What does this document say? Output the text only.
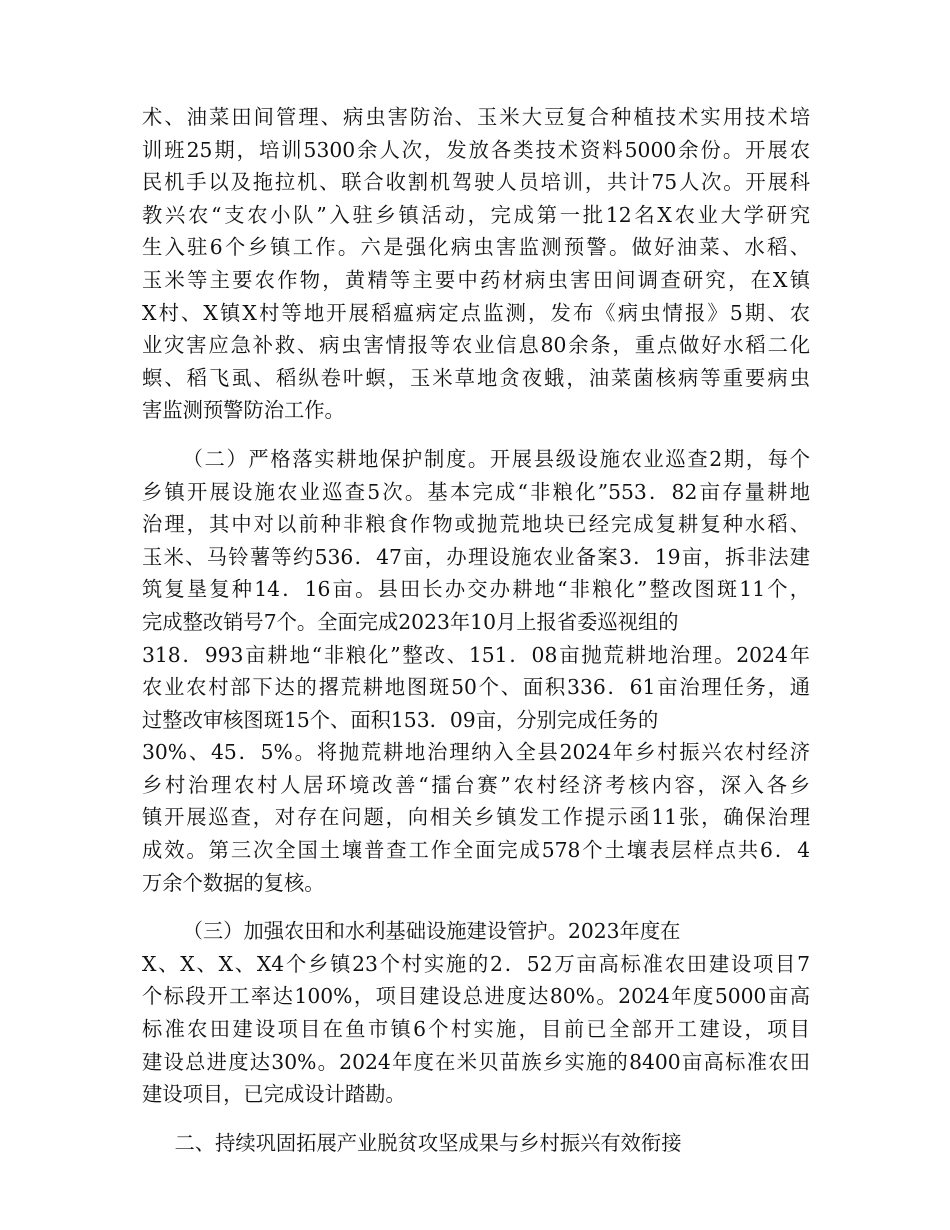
术、油菜田间管理、病虫害防治、玉米大豆复合种植技术实用技术培
训班25期，培训5300余人次，发放各类技术资料5000余份。开展农
民机手以及拖拉机、联合收割机驾驶人员培训，共计75人次。开展科
教兴农“支农小队”入驻乡镇活动，完成第一批12名X农业大学研究
生入驻6个乡镇工作。六是强化病虫害监测预警。做好油菜、水稻、
玉米等主要农作物，黄精等主要中药材病虫害田间调查研究，在X镇
X村、X镇X村等地开展稻瘟病定点监测，发布《病虫情报》5期、农
业灾害应急补救、病虫害情报等农业信息80余条，重点做好水稻二化
螟、稻飞虱、稻纵卷叶螟，玉米草地贪夜蛾，油菜菌核病等重要病虫
害监测预警防治工作。
（二）严格落实耕地保护制度。开展县级设施农业巡查2期，每个
乡镇开展设施农业巡查5次。基本完成“非粮化”553．82亩存量耕地
治理，其中对以前种非粮食作物或抛荒地块已经完成复耕复种水稻、
玉米、马铃薯等约536．47亩，办理设施农业备案3．19亩，拆非法建
筑复垦复种14．16亩。县田长办交办耕地“非粮化”整改图斑11个，
完成整改销号7个。全面完成2023年10月上报省委巡视组的
318．993亩耕地“非粮化”整改、151．08亩抛荒耕地治理。2024年
农业农村部下达的撂荒耕地图斑50个、面积336．61亩治理任务，通
过整改审核图斑15个、面积153．09亩，分别完成任务的
30%、45．5%。将抛荒耕地治理纳入全县2024年乡村振兴农村经济
乡村治理农村人居环境改善“擂台赛”农村经济考核内容，深入各乡
镇开展巡查，对存在问题，向相关乡镇发工作提示函11张，确保治理
成效。第三次全国土壤普查工作全面完成578个土壤表层样点共6．4
万余个数据的复核。
（三）加强农田和水利基础设施建设管护。2023年度在
X、X、X、X4个乡镇23个村实施的2．52万亩高标准农田建设项目7
个标段开工率达100%，项目建设总进度达80%。2024年度5000亩高
标准农田建设项目在鱼市镇6个村实施，目前已全部开工建设，项目
建设总进度达30%。2024年度在米贝苗族乡实施的8400亩高标准农田
建设项目，已完成设计踏勘。
二、持续巩固拓展产业脱贫攻坚成果与乡村振兴有效衔接
